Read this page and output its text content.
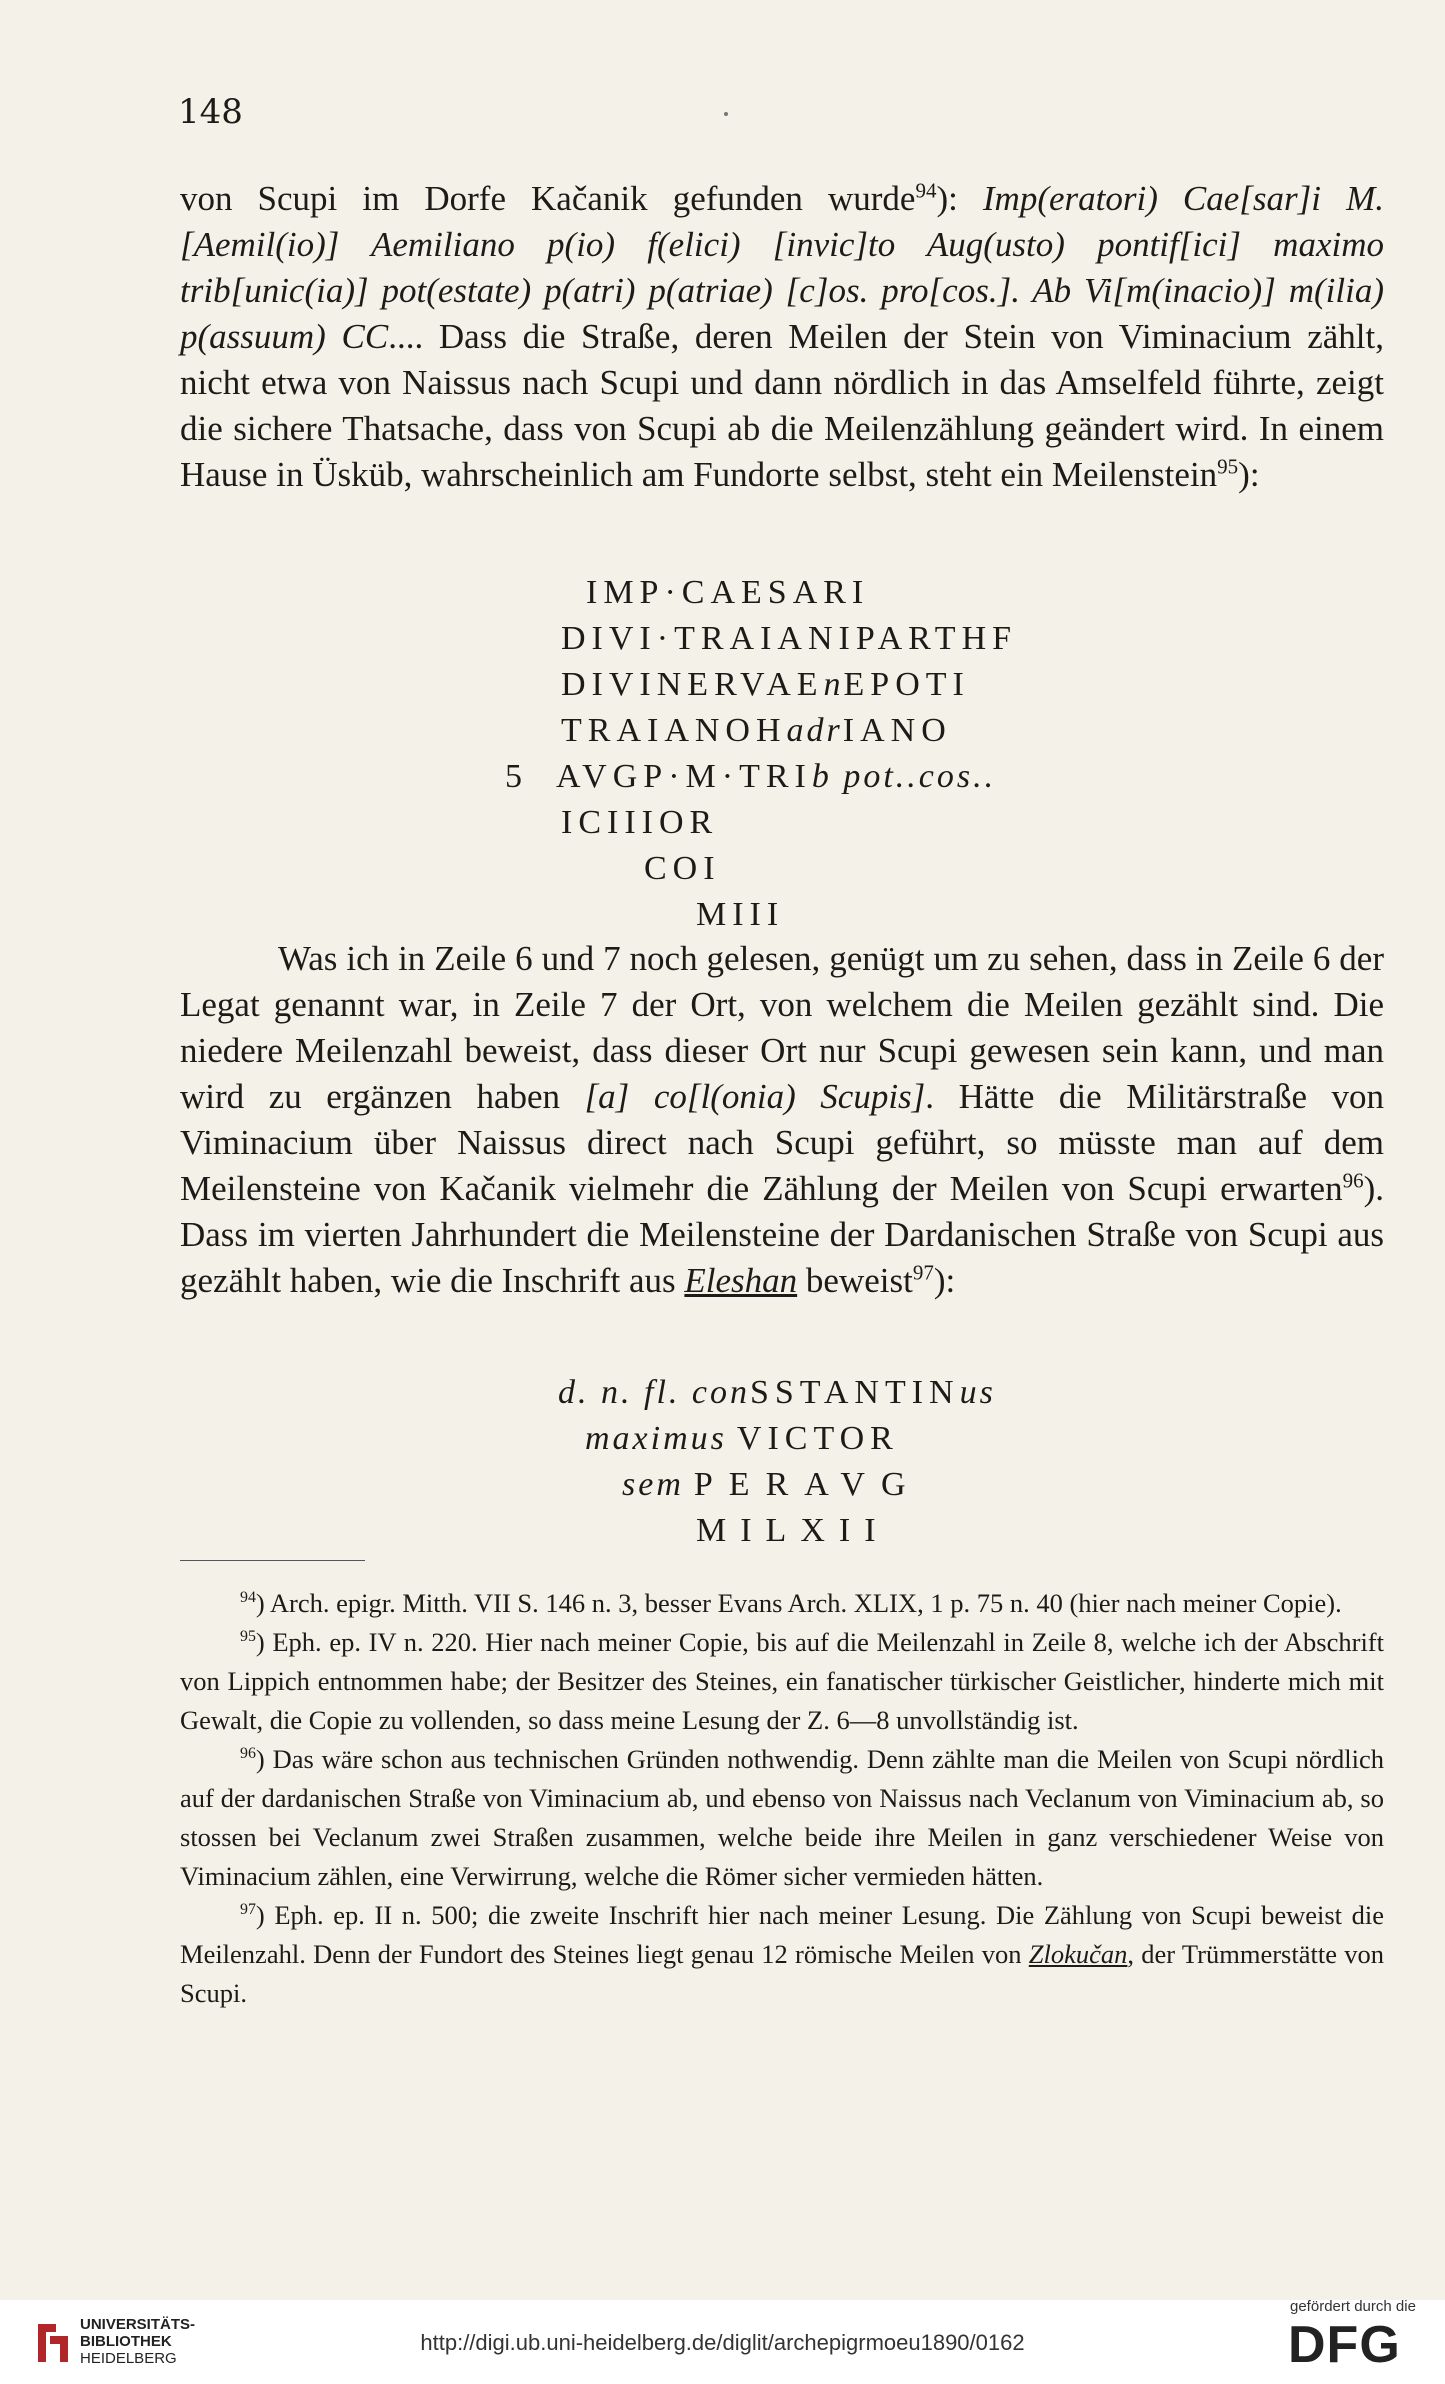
148

von Scupi im Dorfe Kačanik gefunden wurde$^{94}$): Imp(eratori) Cae[sar]i M. [Aemil(io)] Aemiliano p(io) f(elici) [invic]to Aug(usto) pontif[ici] maximo trib[unic(ia)] pot(estate) p(atri) p(atriae) [c]os. pro[cos.]. Ab Vi[m(inacio)] m(ilia) p(assuum) CC.... Dass die Straße, deren Meilen der Stein von Viminacium zählt, nicht etwa von Naissus nach Scupi und dann nördlich in das Amselfeld führte, zeigt die sichere Thatsache, dass von Scupi ab die Meilenzählung geändert wird. In einem Hause in Üsküb, wahrscheinlich am Fundorte selbst, steht ein Meilenstein$^{95}$):

IMP·CAESARI
DIVI·TRAIANIPARTHF
DIVINERVAEnEPOTI
TRAIANOHadrIANO
5 AVGP·M·TRIb pot..cos..
ICIIIOR
COI
MIII

Was ich in Zeile 6 und 7 noch gelesen, genügt um zu sehen, dass in Zeile 6 der Legat genannt war, in Zeile 7 der Ort, von welchem die Meilen gezählt sind. Die niedere Meilenzahl beweist, dass dieser Ort nur Scupi gewesen sein kann, und man wird zu ergänzen haben [a] co[l(onia) Scupis]. Hätte die Militärstraße von Viminacium über Naissus direct nach Scupi geführt, so müsste man auf dem Meilensteine von Kačanik vielmehr die Zählung der Meilen von Scupi erwarten$^{96}$). Dass im vierten Jahrhundert die Meilensteine der Dardanischen Straße von Scupi aus gezählt haben, wie die Inschrift aus Eleshan beweist$^{97}$):

d. n. fl. conSSTANTINus
maximus VICTOR
sem PERAVG
MILXII

$^{94}$) Arch. epigr. Mitth. VII S. 146 n. 3, besser Evans Arch. XLIX, 1 p. 75 n. 40 (hier nach meiner Copie).

$^{95}$) Eph. ep. IV n. 220. Hier nach meiner Copie, bis auf die Meilenzahl in Zeile 8, welche ich der Abschrift von Lippich entnommen habe; der Besitzer des Steines, ein fanatischer türkischer Geistlicher, hinderte mich mit Gewalt, die Copie zu vollenden, so dass meine Lesung der Z. 6—8 unvollständig ist.

$^{96}$) Das wäre schon aus technischen Gründen nothwendig. Denn zählte man die Meilen von Scupi nördlich auf der dardanischen Straße von Viminacium ab, und ebenso von Naissus nach Veclanum von Viminacium ab, so stossen bei Veclanum zwei Straßen zusammen, welche beide ihre Meilen in ganz verschiedener Weise von Viminacium zählen, eine Verwirrung, welche die Römer sicher vermieden hätten.

$^{97}$) Eph. ep. II n. 500; die zweite Inschrift hier nach meiner Lesung. Die Zählung von Scupi beweist die Meilenzahl. Denn der Fundort des Steines liegt genau 12 römische Meilen von Zlokučan, der Trümmerstätte von Scupi.

UNIVERSITÄTS-
BIBLIOTHEK
HEIDELBERG
http://digi.ub.uni-heidelberg.de/diglit/archepigrmoeu1890/0162
gefördert durch die
DFG
